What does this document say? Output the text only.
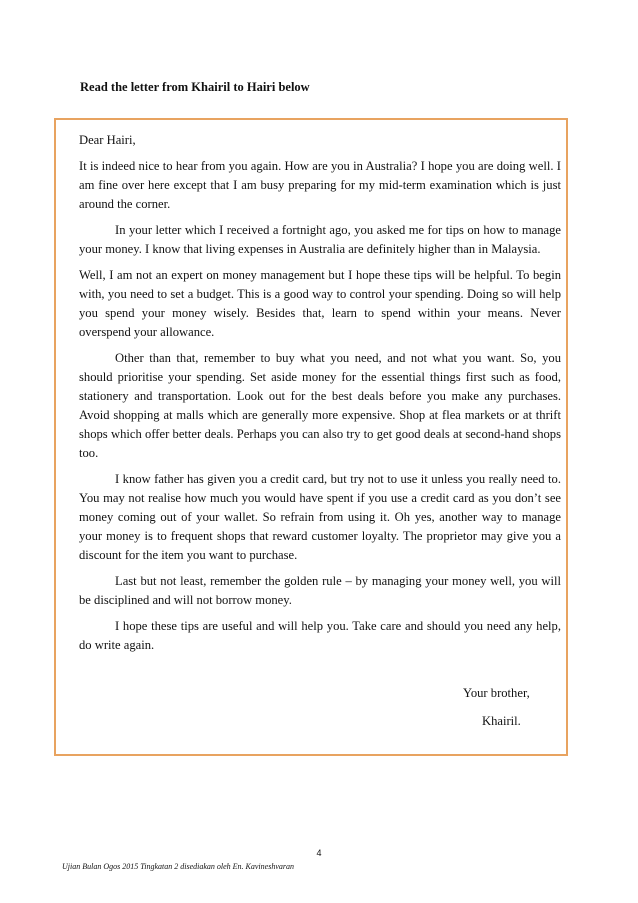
Read the letter from Khairil to Hairi below

Dear Hairi,

It is indeed nice to hear from you again. How are you in Australia? I hope you are doing well. I am fine over here except that I am busy preparing for my mid-term examination which is just around the corner.

In your letter which I received a fortnight ago, you asked me for tips on how to manage your money. I know that living expenses in Australia are definitely higher than in Malaysia.

Well, I am not an expert on money management but I hope these tips will be helpful. To begin with, you need to set a budget. This is a good way to control your spending. Doing so will help you spend your money wisely. Besides that, learn to spend within your means. Never overspend your allowance.

Other than that, remember to buy what you need, and not what you want. So, you should prioritise your spending. Set aside money for the essential things first such as food, stationery and transportation. Look out for the best deals before you make any purchases. Avoid shopping at malls which are generally more expensive. Shop at flea markets or at thrift shops which offer better deals. Perhaps you can also try to get good deals at second-hand shops too.

I know father has given you a credit card, but try not to use it unless you really need to. You may not realise how much you would have spent if you use a credit card as you don’t see money coming out of your wallet. So refrain from using it. Oh yes, another way to manage your money is to frequent shops that reward customer loyalty. The proprietor may give you a discount for the item you want to purchase.

Last but not least, remember the golden rule – by managing your money well, you will be disciplined and will not borrow money.

I hope these tips are useful and will help you. Take care and should you need any help, do write again.

Your brother,
Khairil.
4
Ujian Bulan Ogos 2015 Tingkatan 2 disediakan oleh En. Kavineshvaran
